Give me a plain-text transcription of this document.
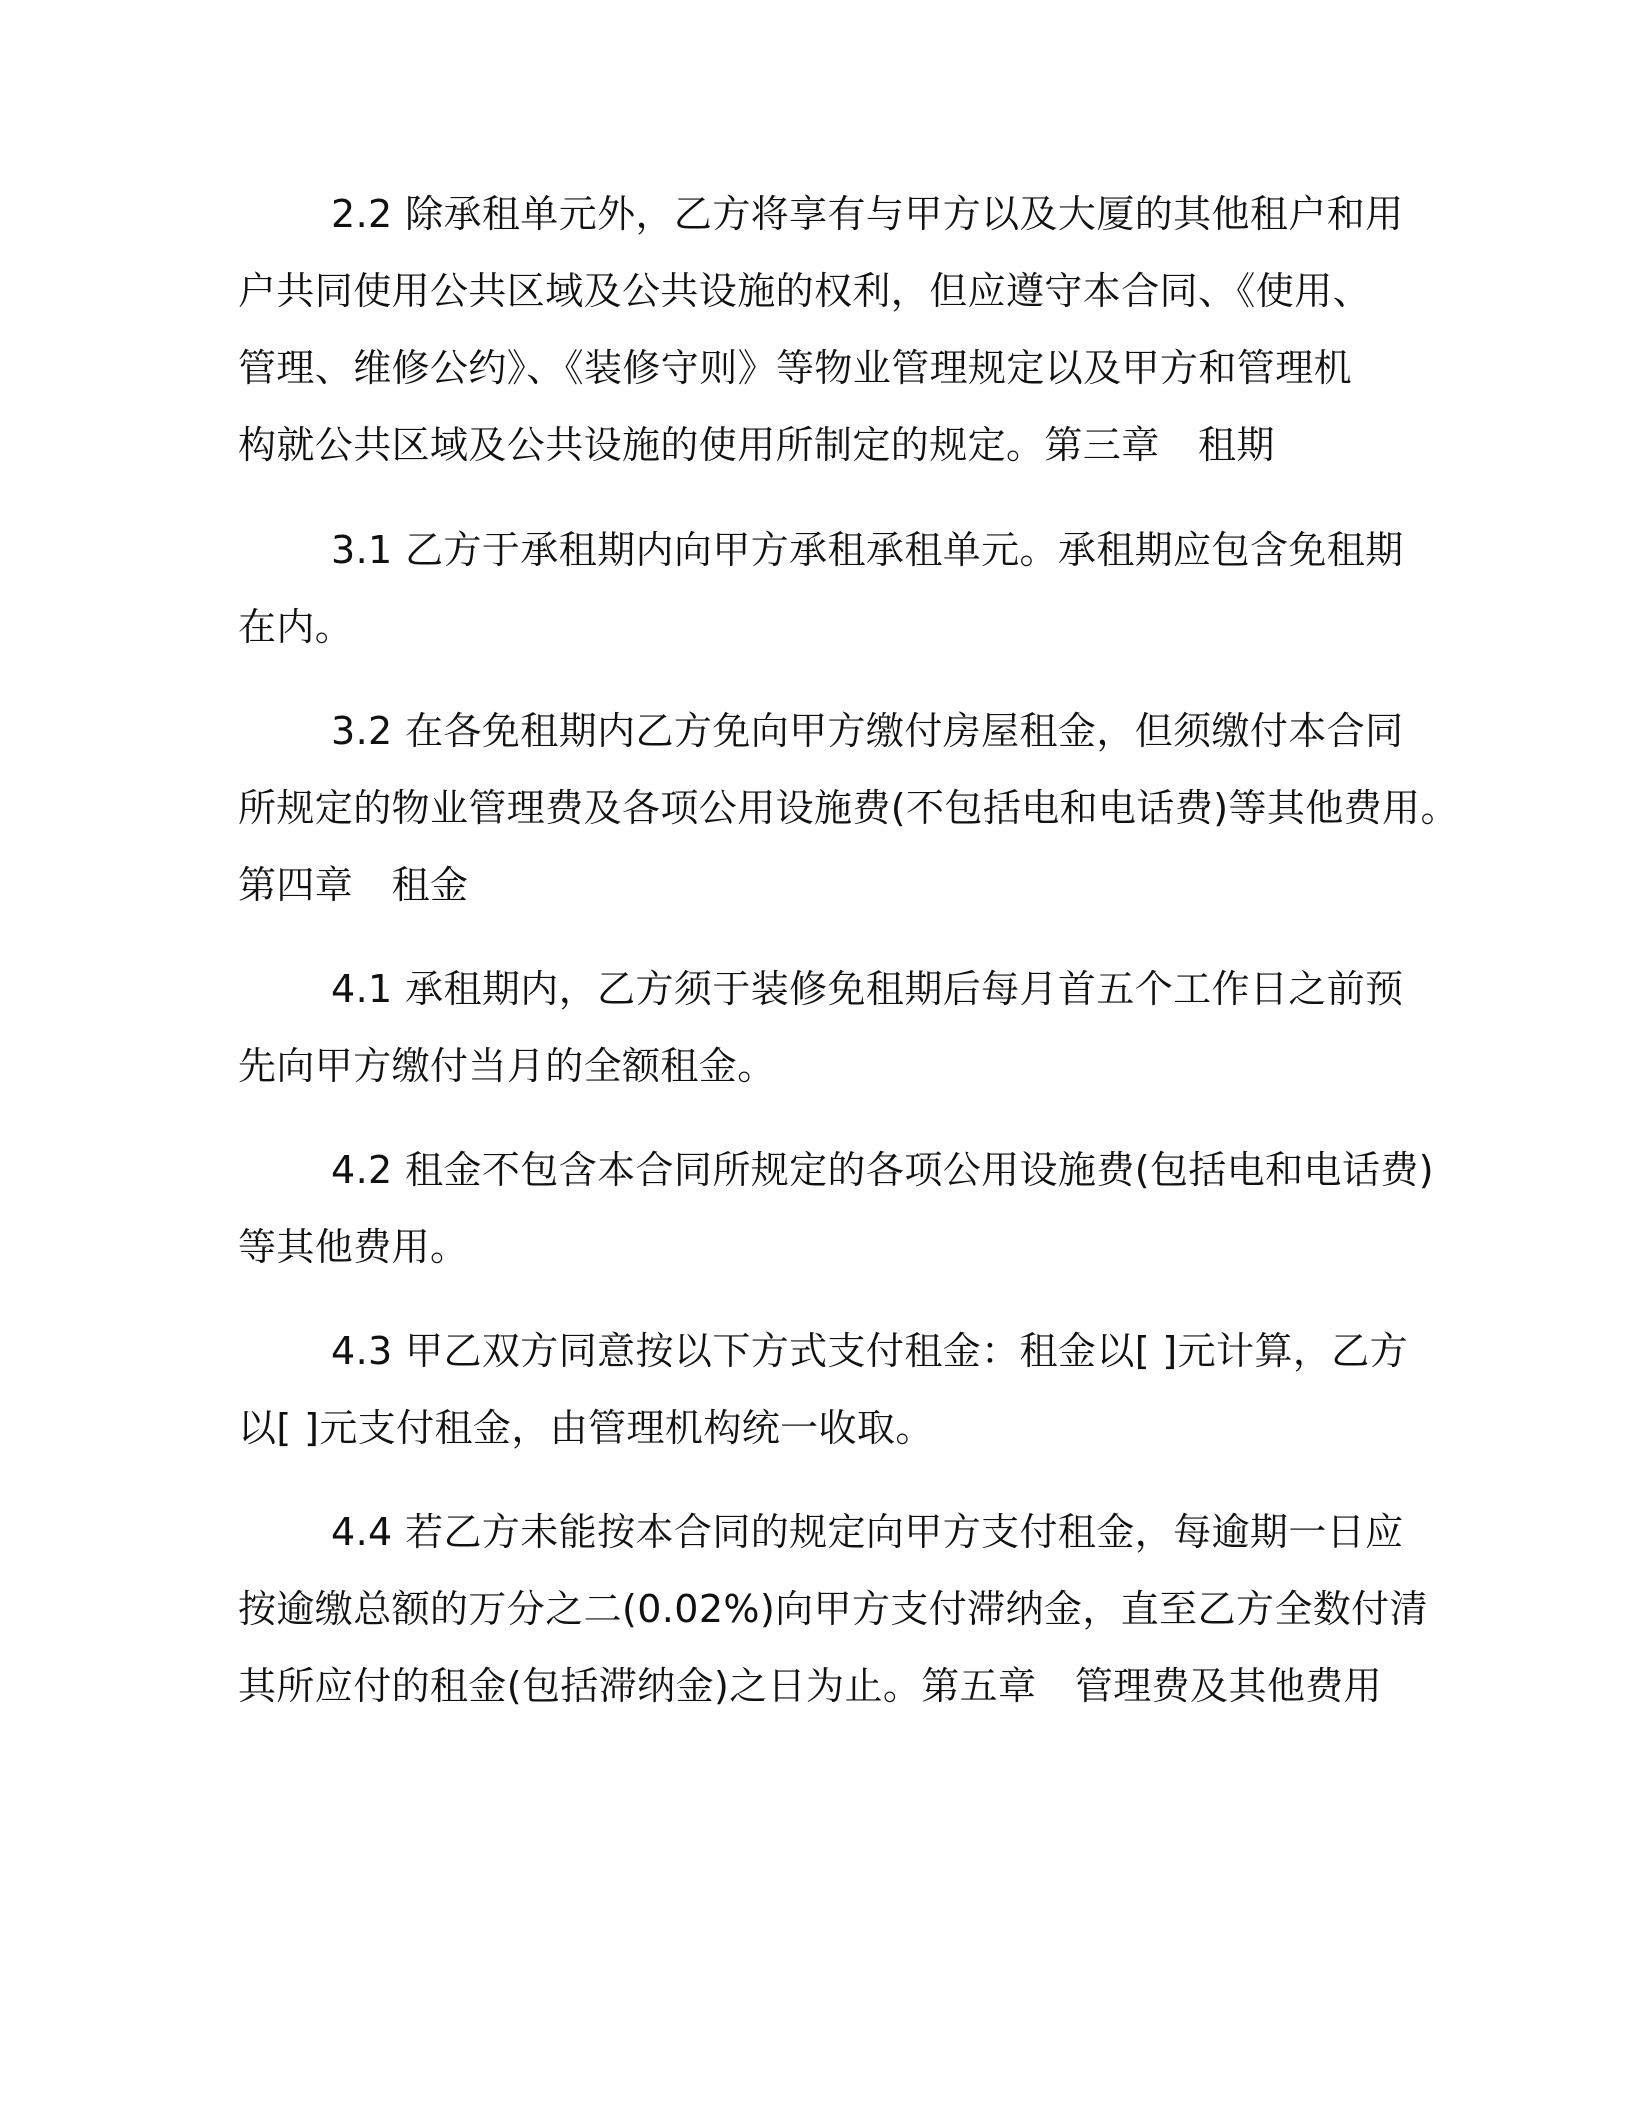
2.2 除承租单元外，乙方将享有与甲方以及大厦的其他租户和用
户共同使用公共区域及公共设施的权利，但应遵守本合同、《使用、
管理、维修公约》、《装修守则》等物业管理规定以及甲方和管理机
构就公共区域及公共设施的使用所制定的规定。第三章　租期
3.1 乙方于承租期内向甲方承租承租单元。承租期应包含免租期
在内。
3.2 在各免租期内乙方免向甲方缴付房屋租金，但须缴付本合同
所规定的物业管理费及各项公用设施费(不包括电和电话费)等其他费用。
第四章　租金
4.1 承租期内，乙方须于装修免租期后每月首五个工作日之前预
先向甲方缴付当月的全额租金。
4.2 租金不包含本合同所规定的各项公用设施费(包括电和电话费)
等其他费用。
4.3 甲乙双方同意按以下方式支付租金：租金以[ ]元计算，乙方
以[ ]元支付租金，由管理机构统一收取。
4.4 若乙方未能按本合同的规定向甲方支付租金，每逾期一日应
按逾缴总额的万分之二(0.02%)向甲方支付滞纳金，直至乙方全数付清
其所应付的租金(包括滞纳金)之日为止。第五章　管理费及其他费用
